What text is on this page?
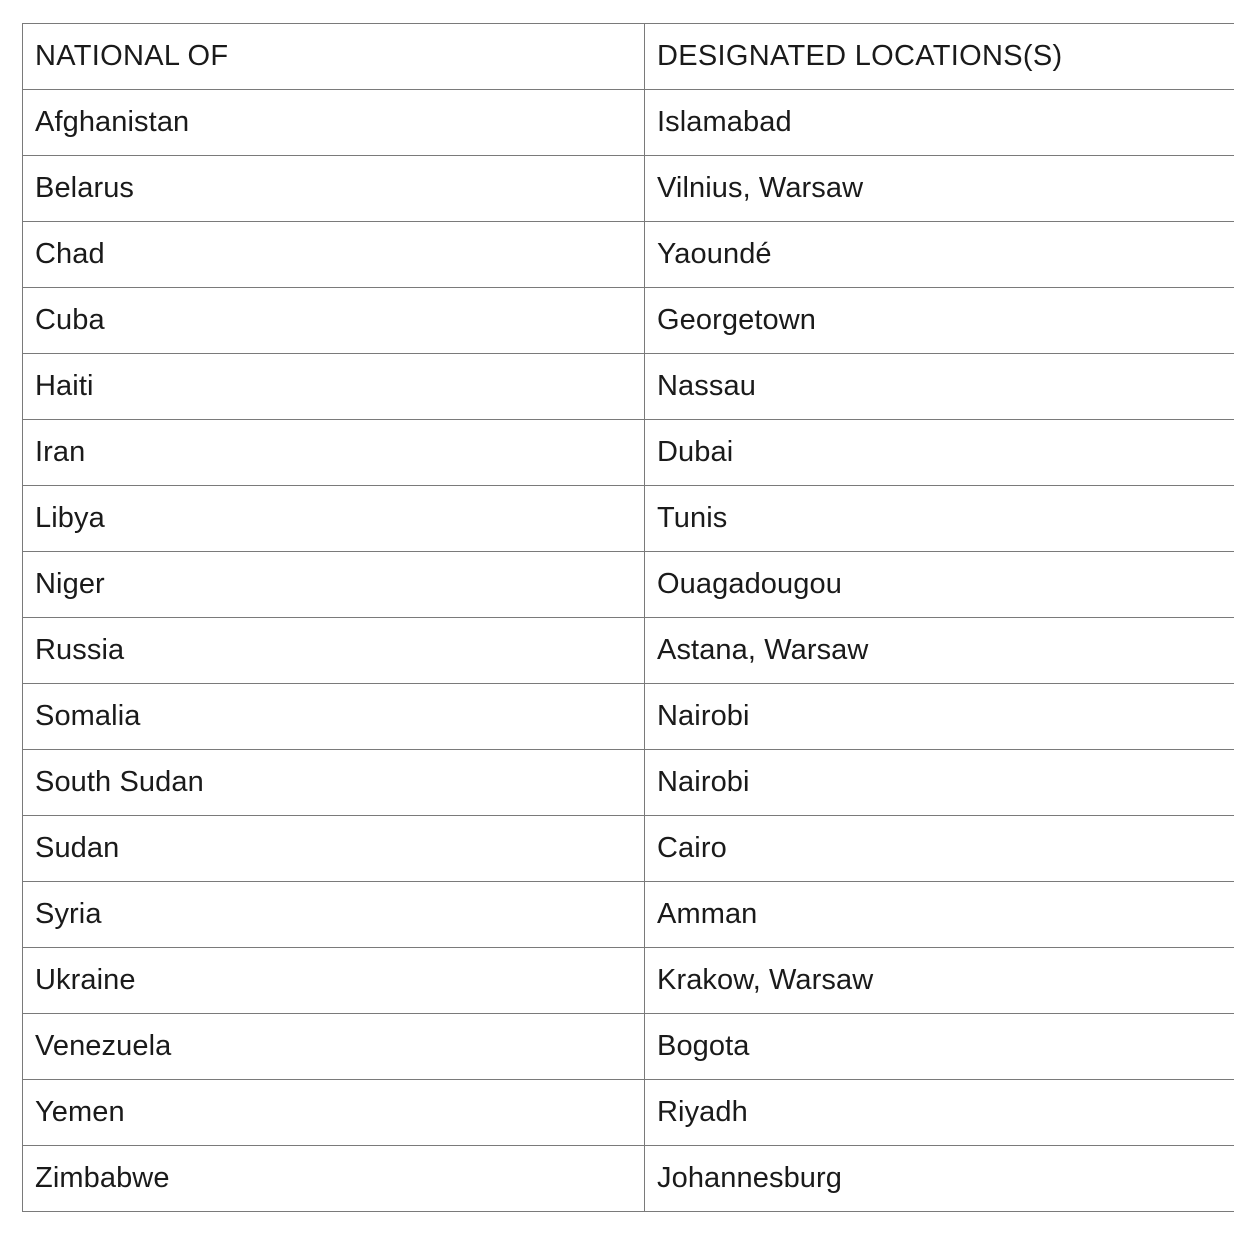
NATIONAL OF	DESIGNATED LOCATIONS(S)
Afghanistan	Islamabad
Belarus	Vilnius, Warsaw
Chad	Yaoundé
Cuba	Georgetown
Haiti	Nassau
Iran	Dubai
Libya	Tunis
Niger	Ouagadougou
Russia	Astana, Warsaw
Somalia	Nairobi
South Sudan	Nairobi
Sudan	Cairo
Syria	Amman
Ukraine	Krakow, Warsaw
Venezuela	Bogota
Yemen	Riyadh
Zimbabwe	Johannesburg
